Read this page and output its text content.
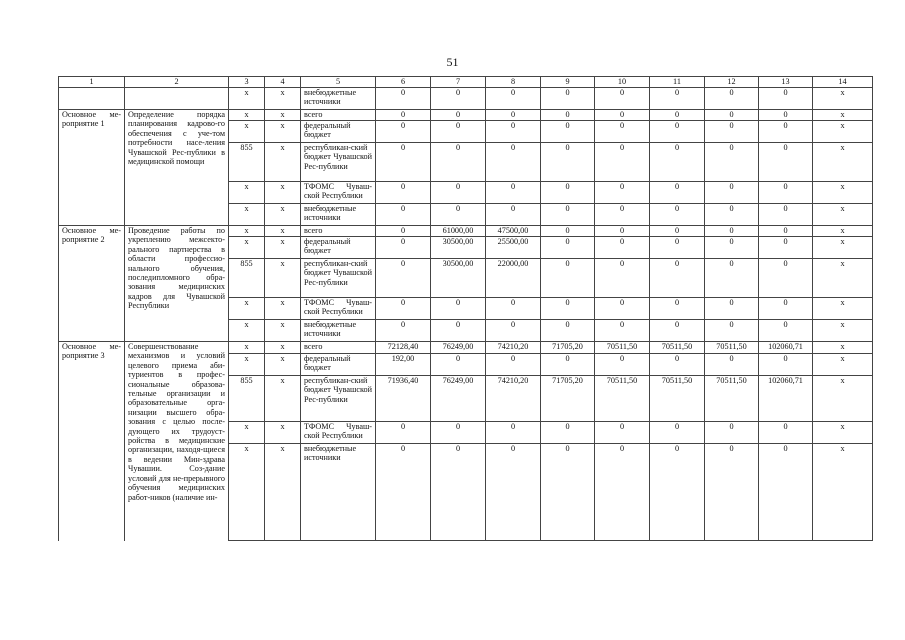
51
1	2	3	4	5	6	7	8	9	10	11	12	13	14
		x	x	внебюджетные источники	0	0	0	0	0	0	0	0	x
Основное ме-роприятие 1	Определение порядка планирования кадрово-го обеспечения с уче-том потребности насе-ления Чувашской Рес-публики в медицинской помощи	x	x	всего	0	0	0	0	0	0	0	0	x
		x	x	федеральный бюджет	0	0	0	0	0	0	0	0	x
		855	x	республикан-ский бюджет Чувашской Рес-публики	0	0	0	0	0	0	0	0	x
		x	x	ТФОМС Чуваш-ской Республики	0	0	0	0	0	0	0	0	x
		x	x	внебюджетные источники	0	0	0	0	0	0	0	0	x
Основное ме-роприятие 2	Проведение работы по укреплению межсекто-рального партнерства в области профессио-нального обучения, последипломного обра-зования медицинских кадров для Чувашской Республики	x	x	всего	0	61000,00	47500,00	0	0	0	0	0	x
		x	x	федеральный бюджет	0	30500,00	25500,00	0	0	0	0	0	x
		855	x	республикан-ский бюджет Чувашской Рес-публики	0	30500,00	22000,00	0	0	0	0	0	x
		x	x	ТФОМС Чуваш-ской Республики	0	0	0	0	0	0	0	0	x
		x	x	внебюджетные источники	0	0	0	0	0	0	0	0	x
Основное ме-роприятие 3	Совершенствование механизмов и условий целевого приема аби-туриентов в профес-сиональные образова-тельные организации и образовательные орга-низации высшего обра-зования с целью после-дующего их трудоуст-ройства в медицинские организации, находя-щиеся в ведении Мин-здрава Чувашии. Соз-дание условий для не-прерывного обучения медицинских работ-ников (наличие ин-	x	x	всего	72128,40	76249,00	74210,20	71705,20	70511,50	70511,50	70511,50	102060,71	x
		x	x	федеральный бюджет	192,00	0	0	0	0	0	0	0	x
		855	x	республикан-ский бюджет Чувашской Рес-публики	71936,40	76249,00	74210,20	71705,20	70511,50	70511,50	70511,50	102060,71	x
		x	x	ТФОМС Чуваш-ской Республики	0	0	0	0	0	0	0	0	x
		x	x	внебюджетные источники	0	0	0	0	0	0	0	0	x
